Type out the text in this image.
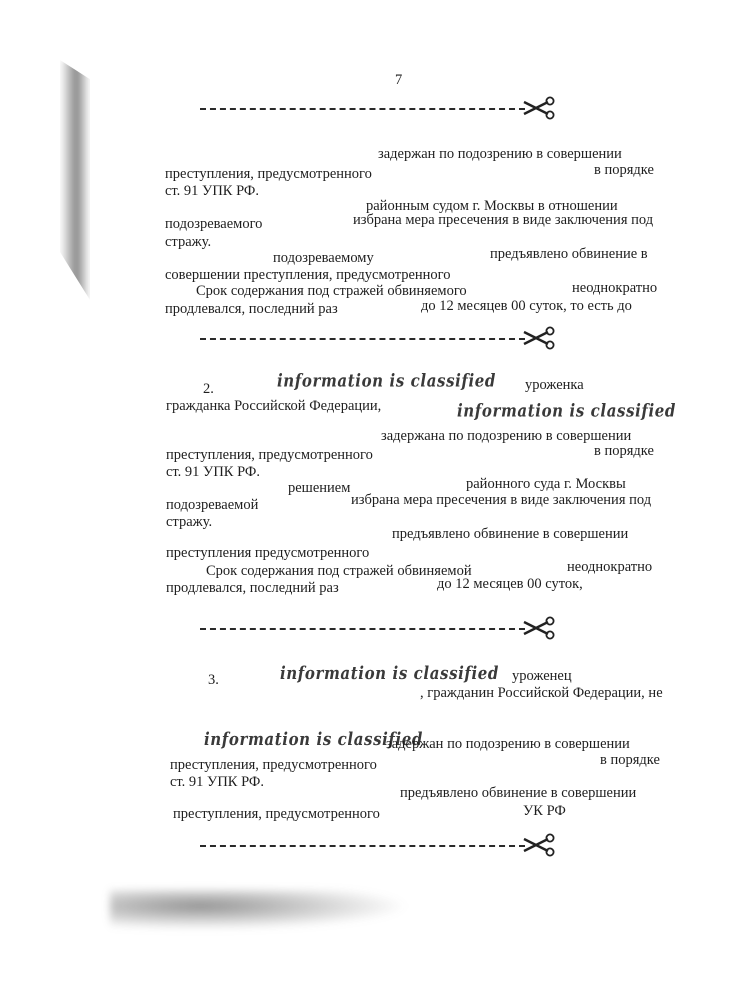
7
задержан по подозрению в совершении
преступления, предусмотренного	в порядке
ст. 91 УПК РФ.
районным судом г. Москвы в отношении
подозреваемого	избрана мера пресечения в виде заключения под
стражу.
подозреваемому	предъявлено обвинение в
совершении преступления, предусмотренного
Срок содержания под стражей обвиняемого	неоднократно
продлевался, последний раз	до 12 месяцев 00 суток, то есть до
2.	information is classified уроженка
гражданка Российской Федерации,	information is classified
задержана по подозрению в совершении
преступления, предусмотренного	в порядке
ст. 91 УПК РФ.
решением	районного суда г. Москвы
подозреваемой	избрана мера пресечения в виде заключения под
стражу.
предъявлено обвинение в совершении
преступления предусмотренного
Срок содержания под стражей обвиняемой	неоднократно
продлевался, последний раз	до 12 месяцев 00 суток,
3.	information is classified уроженец
, гражданин Российской Федерации, не
information is classified
задержан по подозрению в совершении
преступления, предусмотренного	в порядке
ст. 91 УПК РФ.
предъявлено обвинение в совершении
преступления, предусмотренного	УК РФ
